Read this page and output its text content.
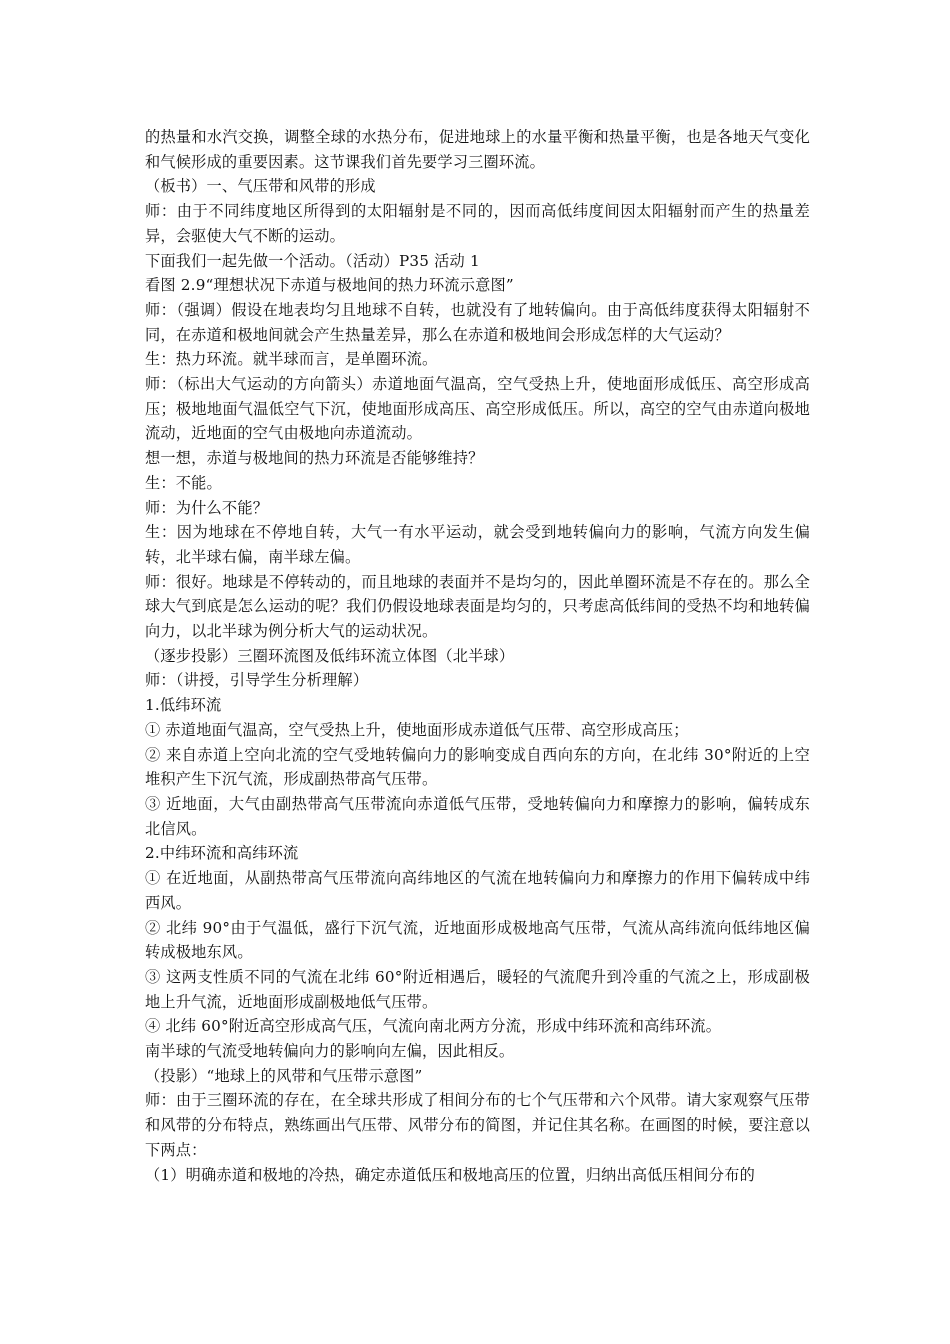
的热量和水汽交换，调整全球的水热分布，促进地球上的水量平衡和热量平衡，也是各地天气变化和气候形成的重要因素。这节课我们首先要学习三圈环流。

（板书）一、气压带和风带的形成

师：由于不同纬度地区所得到的太阳辐射是不同的，因而高低纬度间因太阳辐射而产生的热量差异，会驱使大气不断的运动。

下面我们一起先做一个活动。（活动）P35 活动 1

看图 2.9“理想状况下赤道与极地间的热力环流示意图”

师：（强调）假设在地表均匀且地球不自转，也就没有了地转偏向。由于高低纬度获得太阳辐射不同，在赤道和极地间就会产生热量差异，那么在赤道和极地间会形成怎样的大气运动？

生：热力环流。就半球而言，是单圈环流。

师：（标出大气运动的方向箭头）赤道地面气温高，空气受热上升，使地面形成低压、高空形成高压；极地地面气温低空气下沉，使地面形成高压、高空形成低压。所以，高空的空气由赤道向极地流动，近地面的空气由极地向赤道流动。

想一想，赤道与极地间的热力环流是否能够维持？

生：不能。

师：为什么不能？

生：因为地球在不停地自转，大气一有水平运动，就会受到地转偏向力的影响，气流方向发生偏转，北半球右偏，南半球左偏。

师：很好。地球是不停转动的，而且地球的表面并不是均匀的，因此单圈环流是不存在的。那么全球大气到底是怎么运动的呢？我们仍假设地球表面是均匀的，只考虑高低纬间的受热不均和地转偏向力，以北半球为例分析大气的运动状况。

（逐步投影）三圈环流图及低纬环流立体图（北半球）

师：（讲授，引导学生分析理解）

1.低纬环流

① 赤道地面气温高，空气受热上升，使地面形成赤道低气压带、高空形成高压；

② 来自赤道上空向北流的空气受地转偏向力的影响变成自西向东的方向，在北纬 30°附近的上空堆积产生下沉气流，形成副热带高气压带。

③ 近地面，大气由副热带高气压带流向赤道低气压带，受地转偏向力和摩擦力的影响，偏转成东北信风。

2.中纬环流和高纬环流

① 在近地面，从副热带高气压带流向高纬地区的气流在地转偏向力和摩擦力的作用下偏转成中纬西风。

② 北纬 90°由于气温低，盛行下沉气流，近地面形成极地高气压带，气流从高纬流向低纬地区偏转成极地东风。

③ 这两支性质不同的气流在北纬 60°附近相遇后，暖轻的气流爬升到冷重的气流之上，形成副极地上升气流，近地面形成副极地低气压带。

④ 北纬 60°附近高空形成高气压，气流向南北两方分流，形成中纬环流和高纬环流。

南半球的气流受地转偏向力的影响向左偏，因此相反。

（投影）“地球上的风带和气压带示意图”

师：由于三圈环流的存在，在全球共形成了相间分布的七个气压带和六个风带。请大家观察气压带和风带的分布特点，熟练画出气压带、风带分布的简图，并记住其名称。在画图的时候，要注意以下两点：

（1）明确赤道和极地的冷热，确定赤道低压和极地高压的位置，归纳出高低压相间分布的
